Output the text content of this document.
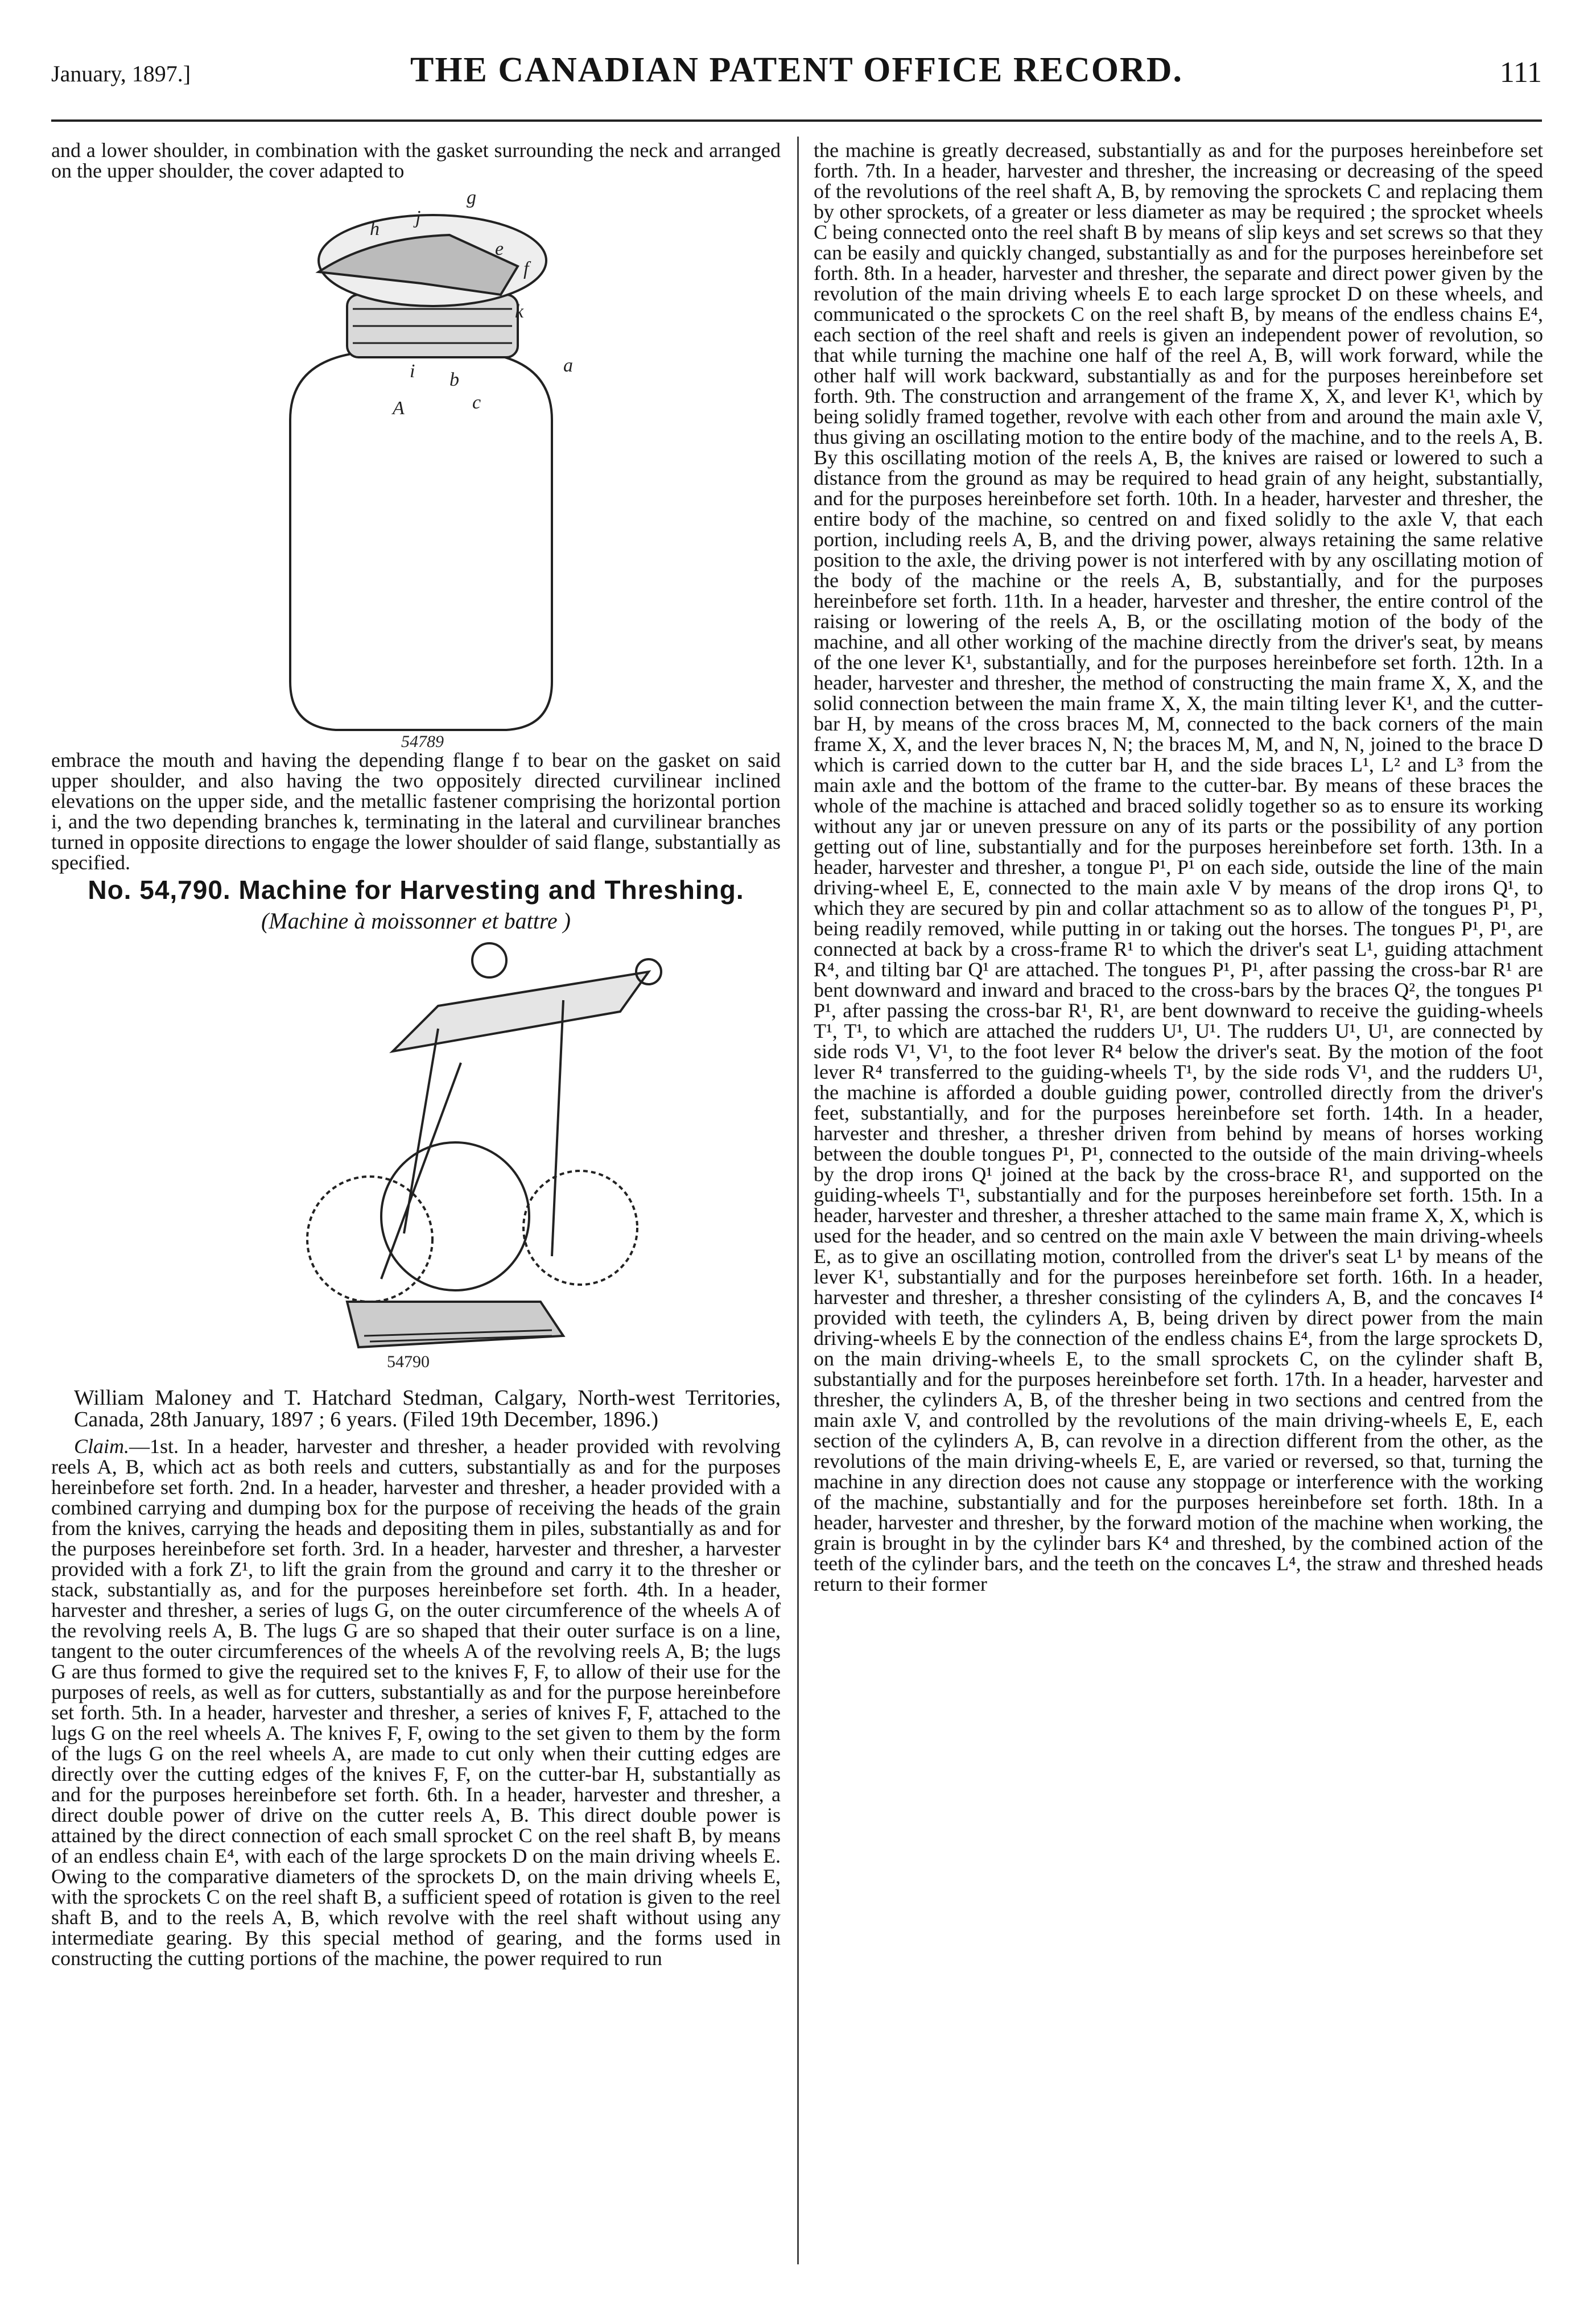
January, 1897.]	THE CANADIAN PATENT OFFICE RECORD.	111

and a lower shoulder, in combination with the gasket surrounding the neck and arranged on the upper shoulder, the cover adapted to

g
h
j
e
f
k
i b
a
A	c
54789

embrace the mouth and having the depending flange f to bear on the gasket on said upper shoulder, and also having the two oppositely directed curvilinear inclined elevations on the upper side, and the metallic fastener comprising the horizontal portion i, and the two depending branches k, terminating in the lateral and curvilinear branches turned in opposite directions to engage the lower shoulder of said flange, substantially as specified.

No. 54,790. Machine for Harvesting and Threshing.

(Machine à moissonner et battre )

54790

William Maloney and T. Hatchard Stedman, Calgary, North-west Territories, Canada, 28th January, 1897 ; 6 years. (Filed 19th December, 1896.)

Claim.—1st. In a header, harvester and thresher, a header provided with revolving reels A, B, which act as both reels and cutters, substantially as and for the purposes hereinbefore set forth. 2nd. In a header, harvester and thresher, a header provided with a combined carrying and dumping box for the purpose of receiving the heads of the grain from the knives, carrying the heads and depositing them in piles, substantially as and for the purposes hereinbefore set forth. 3rd. In a header, harvester and thresher, a harvester provided with a fork Z¹, to lift the grain from the ground and carry it to the thresher or stack, substantially as, and for the purposes hereinbefore set forth. 4th. In a header, harvester and thresher, a series of lugs G, on the outer circumference of the wheels A of the revolving reels A, B. The lugs G are so shaped that their outer surface is on a line, tangent to the outer circumferences of the wheels A of the revolving reels A, B; the lugs G are thus formed to give the required set to the knives F, F, to allow of their use for the purposes of reels, as well as for cutters, substantially as and for the purpose hereinbefore set forth. 5th. In a header, harvester and thresher, a series of knives F, F, attached to the lugs G on the reel wheels A. The knives F, F, owing to the set given to them by the form of the lugs G on the reel wheels A, are made to cut only when their cutting edges are directly over the cutting edges of the knives F, F, on the cutter-bar H, substantially as and for the purposes hereinbefore set forth. 6th. In a header, harvester and thresher, a direct double power of drive on the cutter reels A, B. This direct double power is attained by the direct connection of each small sprocket C on the reel shaft B, by means of an endless chain E⁴, with each of the large sprockets D on the main driving wheels E. Owing to the comparative diameters of the sprockets D, on the main driving wheels E, with the sprockets C on the reel shaft B, a sufficient speed of rotation is given to the reel shaft B, and to the reels A, B, which revolve with the reel shaft without using any intermediate gearing. By this special method of gearing, and the forms used in constructing the cutting portions of the machine, the power required to run

the machine is greatly decreased, substantially as and for the purposes hereinbefore set forth. 7th. In a header, harvester and thresher, the increasing or decreasing of the speed of the revolutions of the reel shaft A, B, by removing the sprockets C and replacing them by other sprockets, of a greater or less diameter as may be required ; the sprocket wheels C being connected onto the reel shaft B by means of slip keys and set screws so that they can be easily and quickly changed, substantially as and for the purposes hereinbefore set forth. 8th. In a header, harvester and thresher, the separate and direct power given by the revolution of the main driving wheels E to each large sprocket D on these wheels, and communicated o the sprockets C on the reel shaft B, by means of the endless chains E⁴, each section of the reel shaft and reels is given an independent power of revolution, so that while turning the machine one half of the reel A, B, will work forward, while the other half will work backward, substantially as and for the purposes hereinbefore set forth. 9th. The construction and arrangement of the frame X, X, and lever K¹, which by being solidly framed together, revolve with each other from and around the main axle V, thus giving an oscillating motion to the entire body of the machine, and to the reels A, B. By this oscillating motion of the reels A, B, the knives are raised or lowered to such a distance from the ground as may be required to head grain of any height, substantially, and for the purposes hereinbefore set forth. 10th. In a header, harvester and thresher, the entire body of the machine, so centred on and fixed solidly to the axle V, that each portion, including reels A, B, and the driving power, always retaining the same relative position to the axle, the driving power is not interfered with by any oscillating motion of the body of the machine or the reels A, B, substantially, and for the purposes hereinbefore set forth. 11th. In a header, harvester and thresher, the entire control of the raising or lowering of the reels A, B, or the oscillating motion of the body of the machine, and all other working of the machine directly from the driver's seat, by means of the one lever K¹, substantially, and for the purposes hereinbefore set forth. 12th. In a header, harvester and thresher, the method of constructing the main frame X, X, and the solid connection between the main frame X, X, the main tilting lever K¹, and the cutter-bar H, by means of the cross braces M, M, connected to the back corners of the main frame X, X, and the lever braces N, N; the braces M, M, and N, N, joined to the brace D which is carried down to the cutter bar H, and the side braces L¹, L² and L³ from the main axle and the bottom of the frame to the cutter-bar. By means of these braces the whole of the machine is attached and braced solidly together so as to ensure its working without any jar or uneven pressure on any of its parts or the possibility of any portion getting out of line, substantially and for the purposes hereinbefore set forth. 13th. In a header, harvester and thresher, a tongue P¹, P¹ on each side, outside the line of the main driving-wheel E, E, connected to the main axle V by means of the drop irons Q¹, to which they are secured by pin and collar attachment so as to allow of the tongues P¹, P¹, being readily removed, while putting in or taking out the horses. The tongues P¹, P¹, are connected at back by a cross-frame R¹ to which the driver's seat L¹, guiding attachment R⁴, and tilting bar Q¹ are attached. The tongues P¹, P¹, after passing the cross-bar R¹ are bent downward and inward and braced to the cross-bars by the braces Q², the tongues P¹ P¹, after passing the cross-bar R¹, R¹, are bent downward to receive the guiding-wheels T¹, T¹, to which are attached the rudders U¹, U¹. The rudders U¹, U¹, are connected by side rods V¹, V¹, to the foot lever R⁴ below the driver's seat. By the motion of the foot lever R⁴ transferred to the guiding-wheels T¹, by the side rods V¹, and the rudders U¹, the machine is afforded a double guiding power, controlled directly from the driver's feet, substantially, and for the purposes hereinbefore set forth. 14th. In a header, harvester and thresher, a thresher driven from behind by means of horses working between the double tongues P¹, P¹, connected to the outside of the main driving-wheels by the drop irons Q¹ joined at the back by the cross-brace R¹, and supported on the guiding-wheels T¹, substantially and for the purposes hereinbefore set forth. 15th. In a header, harvester and thresher, a thresher attached to the same main frame X, X, which is used for the header, and so centred on the main axle V between the main driving-wheels E, as to give an oscillating motion, controlled from the driver's seat L¹ by means of the lever K¹, substantially and for the purposes hereinbefore set forth. 16th. In a header, harvester and thresher, a thresher consisting of the cylinders A, B, and the concaves I⁴ provided with teeth, the cylinders A, B, being driven by direct power from the main driving-wheels E by the connection of the endless chains E⁴, from the large sprockets D, on the main driving-wheels E, to the small sprockets C, on the cylinder shaft B, substantially and for the purposes hereinbefore set forth. 17th. In a header, harvester and thresher, the cylinders A, B, of the thresher being in two sections and centred from the main axle V, and controlled by the revolutions of the main driving-wheels E, E, each section of the cylinders A, B, can revolve in a direction different from the other, as the revolutions of the main driving-wheels E, E, are varied or reversed, so that, turning the machine in any direction does not cause any stoppage or interference with the working of the machine, substantially and for the purposes hereinbefore set forth. 18th. In a header, harvester and thresher, by the forward motion of the machine when working, the grain is brought in by the cylinder bars K⁴ and threshed, by the combined action of the teeth of the cylinder bars, and the teeth on the concaves L⁴, the straw and threshed heads return to their former
